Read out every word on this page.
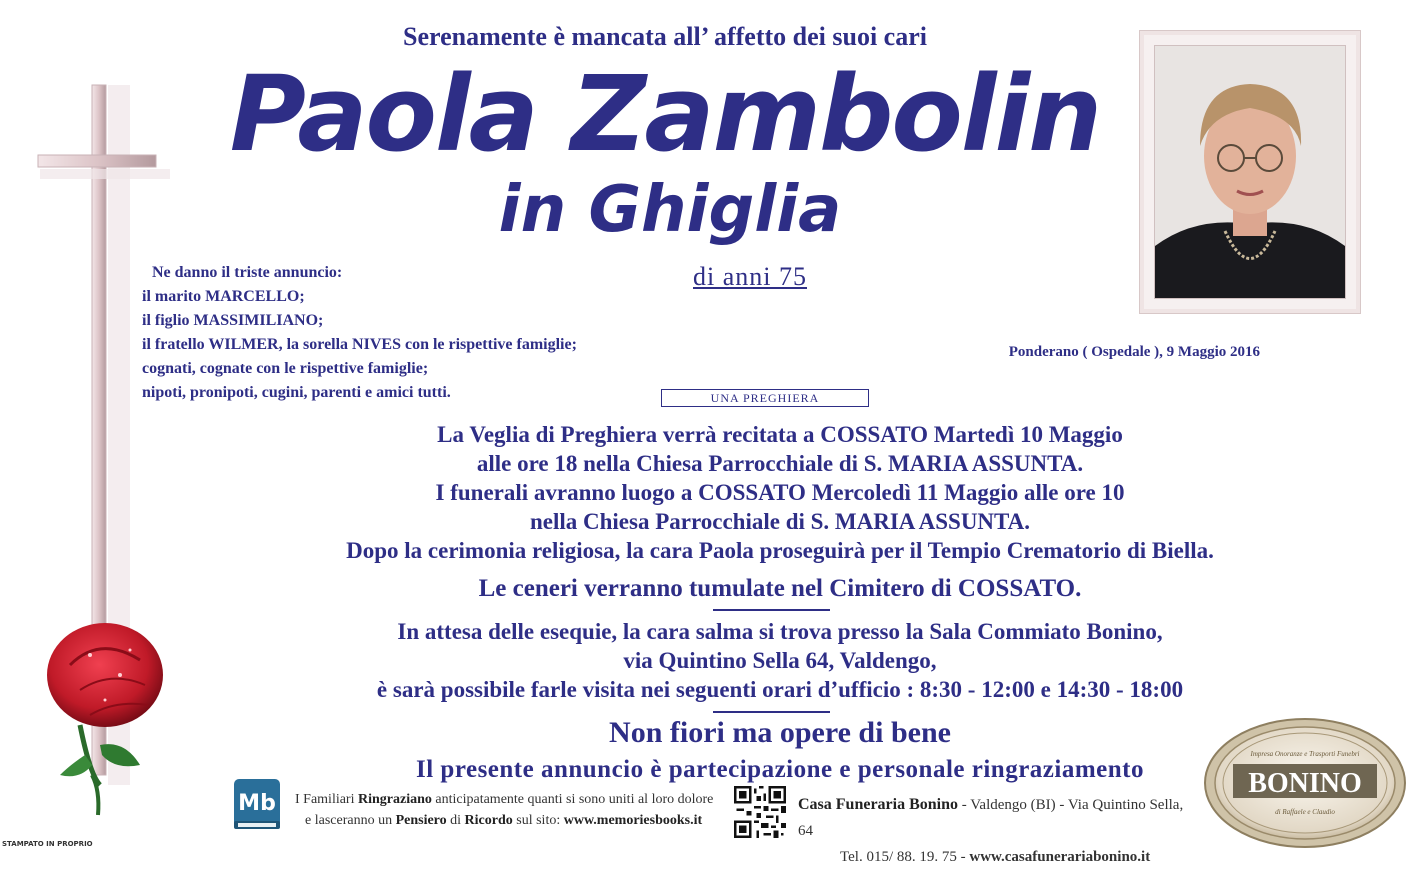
Serenamente è mancata all’ affetto dei suoi cari
Paola Zambolin
in Ghiglia
di anni 75
Ne danno il triste annuncio:
il marito MARCELLO;
il figlio MASSIMILIANO;
il fratello WILMER, la sorella NIVES con le rispettive famiglie;
cognati, cognate con le rispettive famiglie;
nipoti, pronipoti, cugini, parenti e amici tutti.
Ponderano ( Ospedale ), 9 Maggio 2016
UNA PREGHIERA
La Veglia di Preghiera verrà recitata a COSSATO Martedì 10 Maggio
alle ore 18 nella Chiesa Parrocchiale di S. MARIA ASSUNTA.
I funerali avranno luogo a COSSATO Mercoledì 11 Maggio alle ore 10
nella Chiesa Parrocchiale di S. MARIA ASSUNTA.
Dopo la cerimonia religiosa, la cara Paola proseguirà per il Tempio Crematorio di Biella.
Le ceneri verranno tumulate nel Cimitero di COSSATO.
In attesa delle esequie, la cara salma si trova presso la Sala Commiato Bonino,
via Quintino Sella 64, Valdengo,
è sarà possibile farle visita nei seguenti orari d’ufficio : 8:30 - 12:00 e 14:30 - 18:00
Non fiori ma opere di bene
Il presente annuncio è partecipazione e personale ringraziamento
Mb I Familiari Ringraziano anticipatamente quanti si sono uniti al loro dolore
e lasceranno un Pensiero di Ricordo sul sito: www.memoriesbooks.it
Casa Funeraria Bonino - Valdengo (BI) - Via Quintino Sella, 64
Tel. 015/ 88. 19. 75 - www.casafunerariabonino.it
Impresa Onoranze e Trasporti Funebri
BONINO
di Raffaele e Claudio
STAMPATO IN PROPRIO
